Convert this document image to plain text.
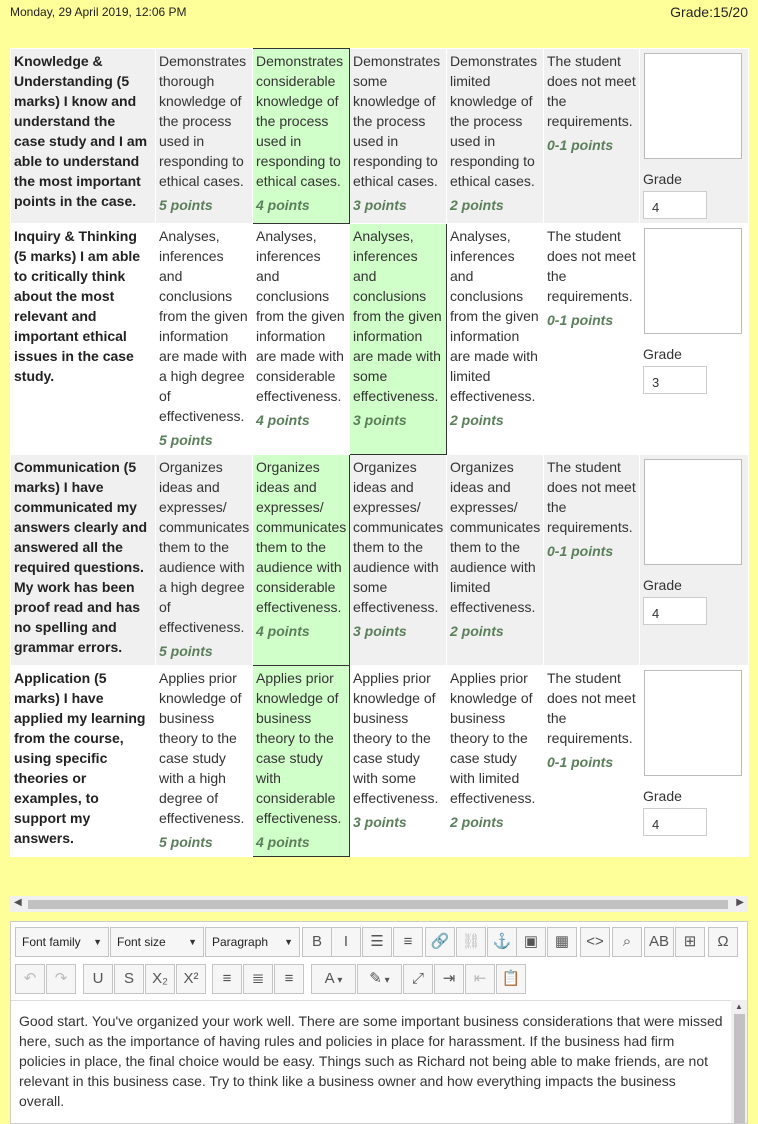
Monday, 29 April 2019, 12:06 PM	Grade:15/20
Knowledge & Understanding (5 marks) I know and understand the case study and I am able to understand the most important points in the case.	Demonstrates thorough knowledge of the process used in responding to ethical cases.
5 points	Demonstrates considerable knowledge of the process used in responding to ethical cases.
4 points	Demonstrates some knowledge of the process used in responding to ethical cases.
3 points	Demonstrates limited knowledge of the process used in responding to ethical cases.
2 points	The student does not meet the requirements.
0-1 points	Grade
4

Inquiry & Thinking (5 marks) I am able to critically think about the most relevant and important ethical issues in the case study.	Analyses, inferences and conclusions from the given information are made with a high degree of effectiveness.
5 points	Analyses, inferences and conclusions from the given information are made with considerable effectiveness.
4 points	Analyses, inferences and conclusions from the given information are made with some effectiveness.
3 points	Analyses, inferences and conclusions from the given information are made with limited effectiveness.
2 points	The student does not meet the requirements.
0-1 points	Grade
3

Communication (5 marks) I have communicated my answers clearly and answered all the required questions. My work has been proof read and has no spelling and grammar errors.	Organizes ideas and expresses/ communicates them to the audience with a high degree of effectiveness.
5 points	Organizes ideas and expresses/ communicates them to the audience with considerable effectiveness.
4 points	Organizes ideas and expresses/ communicates them to the audience with some effectiveness.
3 points	Organizes ideas and expresses/ communicates them to the audience with limited effectiveness.
2 points	The student does not meet the requirements.
0-1 points	Grade
4

Application (5 marks) I have applied my learning from the course, using specific theories or examples, to support my answers.	Applies prior knowledge of business theory to the case study with a high degree of effectiveness.
5 points	Applies prior knowledge of business theory to the case study with considerable effectiveness.
4 points	Applies prior knowledge of business theory to the case study with some effectiveness.
3 points	Applies prior knowledge of business theory to the case study with limited effectiveness.
2 points	The student does not meet the requirements.
0-1 points	Grade
4
◀	▶
Font family ▼	Font size ▼	Paragraph ▼	B	I	☰	≡	🔗 ⛓ ⚓ ▣	▦	<>	⌕	AB ⊞	Ω
↶	↷	U	S	X₂	X²	≡	≣	≡	A ▾	✎ ▾	⤢	⇥	⇤	📋
Good start. You've organized your work well. There are some important business considerations that were missed here, such as the importance of having rules and policies in place for harassment. If the business had firm policies in place, the final choice would be easy. Things such as Richard not being able to make friends, are not relevant in this business case. Try to think like a business owner and how everything impacts the business overall.
▲
